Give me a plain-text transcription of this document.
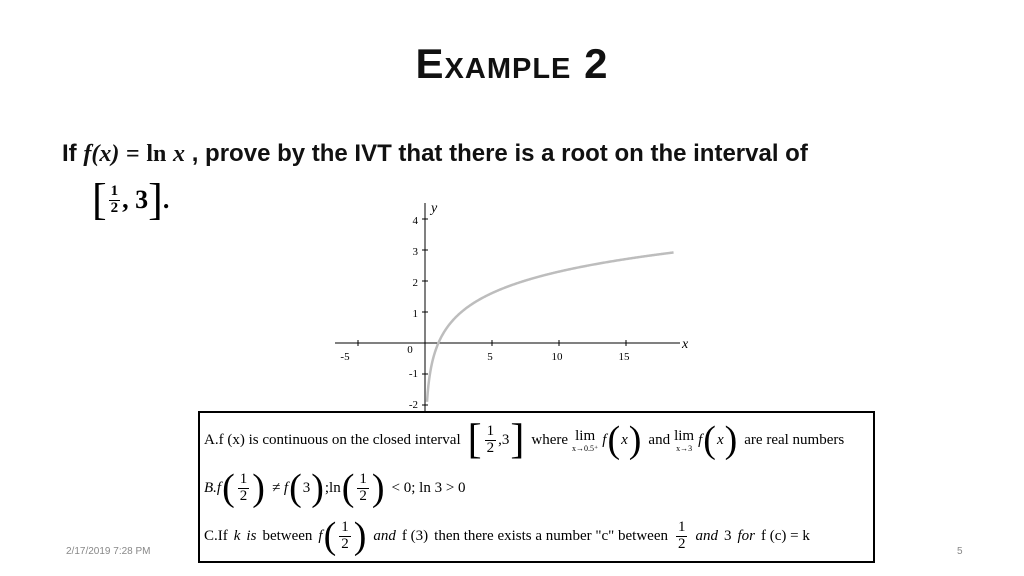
Example 2
If f(x) = ln x , prove by the IVT that there is a root on the interval of
[ $\frac{1}{2}$ , 3 ] .
x
y
-5
0
5	10	15
4
3
2
1
-1
-2
A.f (x) is continuous on the closed interval [ $\frac{1}{2} ,3$ ] where lim
x→0.5⁺
f ( x ) and lim
x→3
f ( x ) are real numbers
B.f ( $\frac{1}{2}$ ) ≠ f ( 3 ) ;ln ( $\frac{1}{2}$ ) < 0; ln 3 > 0
C.If k is between f ( $\frac{1}{2}$ ) and f (3) then there exists a number "c" between $\frac{1}{2}$ and 3 for f (c) = k
2/17/2019 7:28 PM	5
